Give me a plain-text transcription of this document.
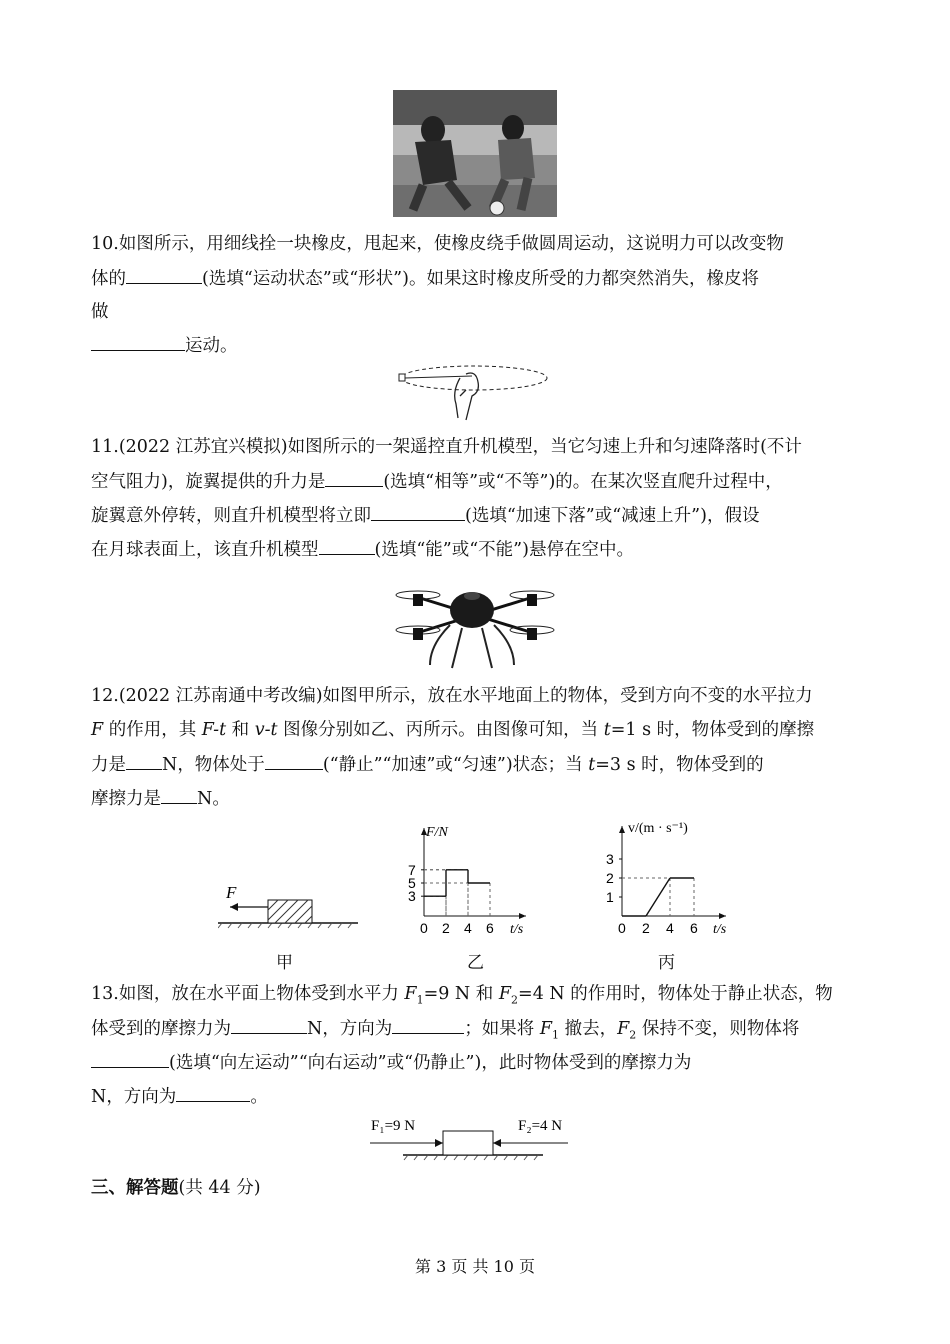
10.如图所示，用细线拴一块橡皮，甩起来，使橡皮绕手做圆周运动，这说明力可以改变物
体的	(选填“运动状态”或“形状”)。如果这时橡皮所受的力都突然消失，橡皮将
做
运动。
11.(2022 江苏宜兴模拟)如图所示的一架遥控直升机模型，当它匀速上升和匀速降落时(不计
空气阻力)，旋翼提供的升力是	(选填“相等”或“不等”)的。在某次竖直爬升过程中，
旋翼意外停转，则直升机模型将立即	(选填“加速下落”或“减速上升”)，假设
在月球表面上，该直升机模型	(选填“能”或“不能”)悬停在空中。
12.(2022 江苏南通中考改编)如图甲所示，放在水平地面上的物体，受到方向不变的水平拉力
F 的作用，其 F-t 和 v-t 图像分别如乙、丙所示。由图像可知，当 t=1 s 时，物体受到的摩擦
力是 N，物体处于	(“静止”“加速”或“匀速”)状态；当 t=3 s 时，物体受到的
摩擦力是 N。
F
甲
F/N
t/s
0 2 4 6
3
5
7
乙
v/(m · s⁻¹)
t/s
0 2 4 6
1
2
3
丙
13.如图，放在水平面上物体受到水平力 $F_1=9$ N 和 $F_2=4$ N 的作用时，物体处于静止状态，物
体受到的摩擦力为	N，方向为	；如果将 $F_1$ 撤去，$F_2$ 保持不变，则物体将
(选填“向左运动”“向右运动”或“仍静止”)，此时物体受到的摩擦力为
N，方向为	。
F₁=9 N	F₂=4 N
三、解答题(共 44 分)
第 3 页 共 10 页
